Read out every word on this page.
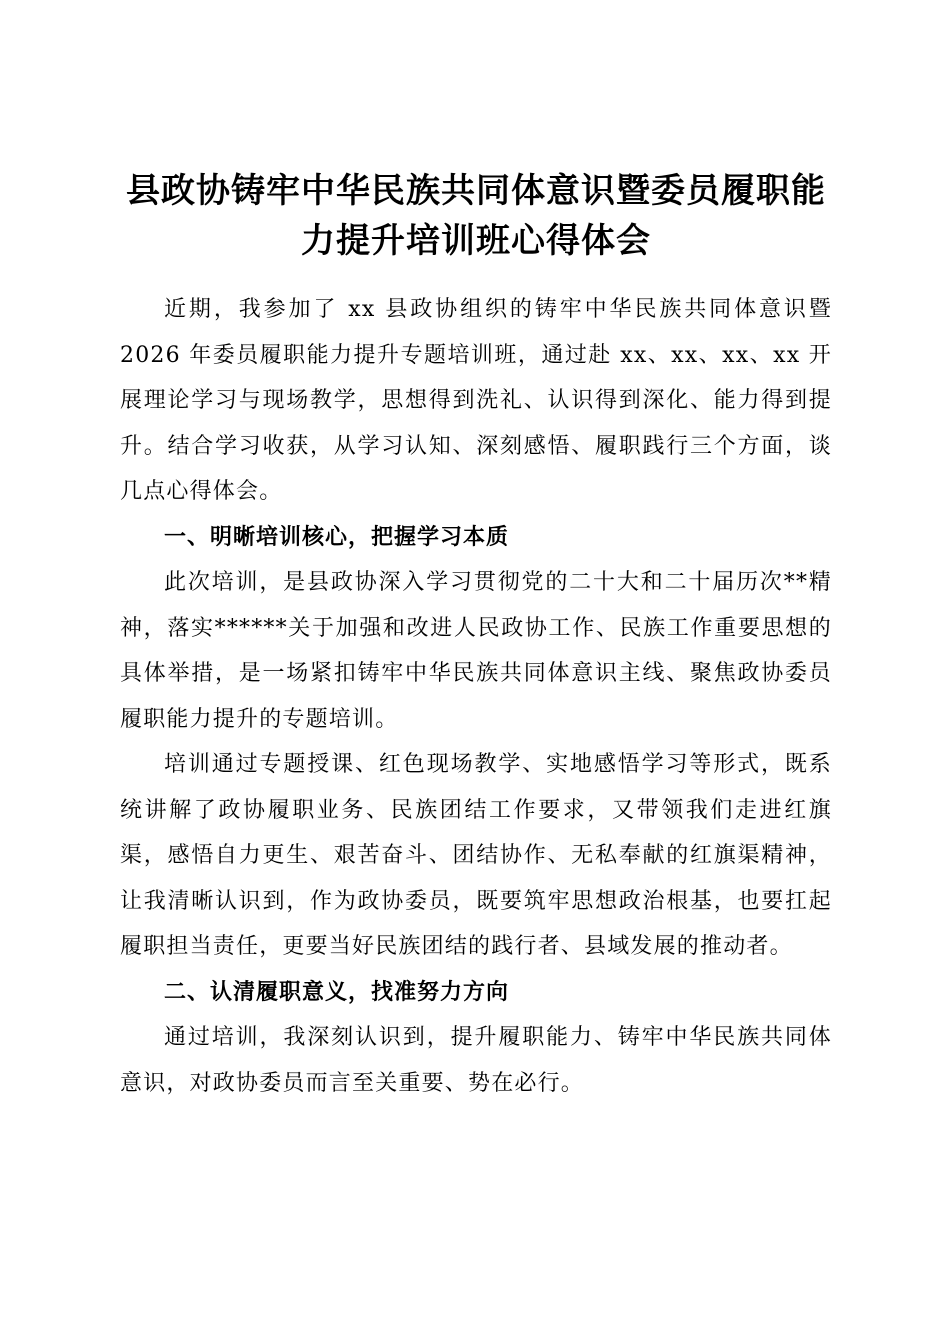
县政协铸牢中华民族共同体意识暨委员履职能力提升培训班心得体会

近期，我参加了 xx 县政协组织的铸牢中华民族共同体意识暨 2026 年委员履职能力提升专题培训班，通过赴 xx、xx、xx、xx 开展理论学习与现场教学，思想得到洗礼、认识得到深化、能力得到提升。结合学习收获，从学习认知、深刻感悟、履职践行三个方面，谈几点心得体会。

一、明晰培训核心，把握学习本质

此次培训，是县政协深入学习贯彻党的二十大和二十届历次**精神，落实******关于加强和改进人民政协工作、民族工作重要思想的具体举措，是一场紧扣铸牢中华民族共同体意识主线、聚焦政协委员履职能力提升的专题培训。

培训通过专题授课、红色现场教学、实地感悟学习等形式，既系统讲解了政协履职业务、民族团结工作要求，又带领我们走进红旗渠，感悟自力更生、艰苦奋斗、团结协作、无私奉献的红旗渠精神，让我清晰认识到，作为政协委员，既要筑牢思想政治根基，也要扛起履职担当责任，更要当好民族团结的践行者、县域发展的推动者。

二、认清履职意义，找准努力方向

通过培训，我深刻认识到，提升履职能力、铸牢中华民族共同体意识，对政协委员而言至关重要、势在必行。
